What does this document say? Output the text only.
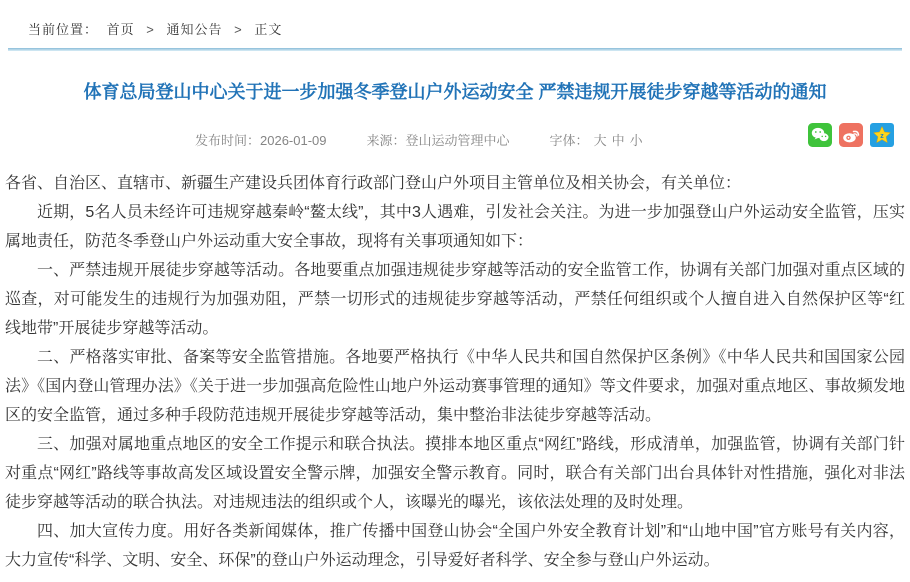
当前位置： 首页 > 通知公告 > 正文
体育总局登山中心关于进一步加强冬季登山户外运动安全 严禁违规开展徒步穿越等活动的通知
发布时间：2026-01-09	来源：登山运动管理中心	字体： 大 中 小	z

各省、自治区、直辖市、新疆生产建设兵团体育行政部门登山户外项目主管单位及相关协会，有关单位：

近期，5名人员未经许可违规穿越秦岭“鳌太线”，其中3人遇难，引发社会关注。为进一步加强登山户外运动安全监管，压实属地责任，防范冬季登山户外运动重大安全事故，现将有关事项通知如下：

一、严禁违规开展徒步穿越等活动。各地要重点加强违规徒步穿越等活动的安全监管工作，协调有关部门加强对重点区域的巡查，对可能发生的违规行为加强劝阻，严禁一切形式的违规徒步穿越等活动，严禁任何组织或个人擅自进入自然保护区等“红线地带”开展徒步穿越等活动。

二、严格落实审批、备案等安全监管措施。各地要严格执行《中华人民共和国自然保护区条例》《中华人民共和国国家公园法》《国内登山管理办法》《关于进一步加强高危险性山地户外运动赛事管理的通知》等文件要求，加强对重点地区、事故频发地区的安全监管，通过多种手段防范违规开展徒步穿越等活动，集中整治非法徒步穿越等活动。

三、加强对属地重点地区的安全工作提示和联合执法。摸排本地区重点“网红”路线，形成清单，加强监管，协调有关部门针对重点“网红”路线等事故高发区域设置安全警示牌，加强安全警示教育。同时，联合有关部门出台具体针对性措施，强化对非法徒步穿越等活动的联合执法。对违规违法的组织或个人，该曝光的曝光，该依法处理的及时处理。

四、加大宣传力度。用好各类新闻媒体，推广传播中国登山协会“全国户外安全教育计划”和“山地中国”官方账号有关内容，大力宣传“科学、文明、安全、环保”的登山户外运动理念，引导爱好者科学、安全参与登山户外运动。
